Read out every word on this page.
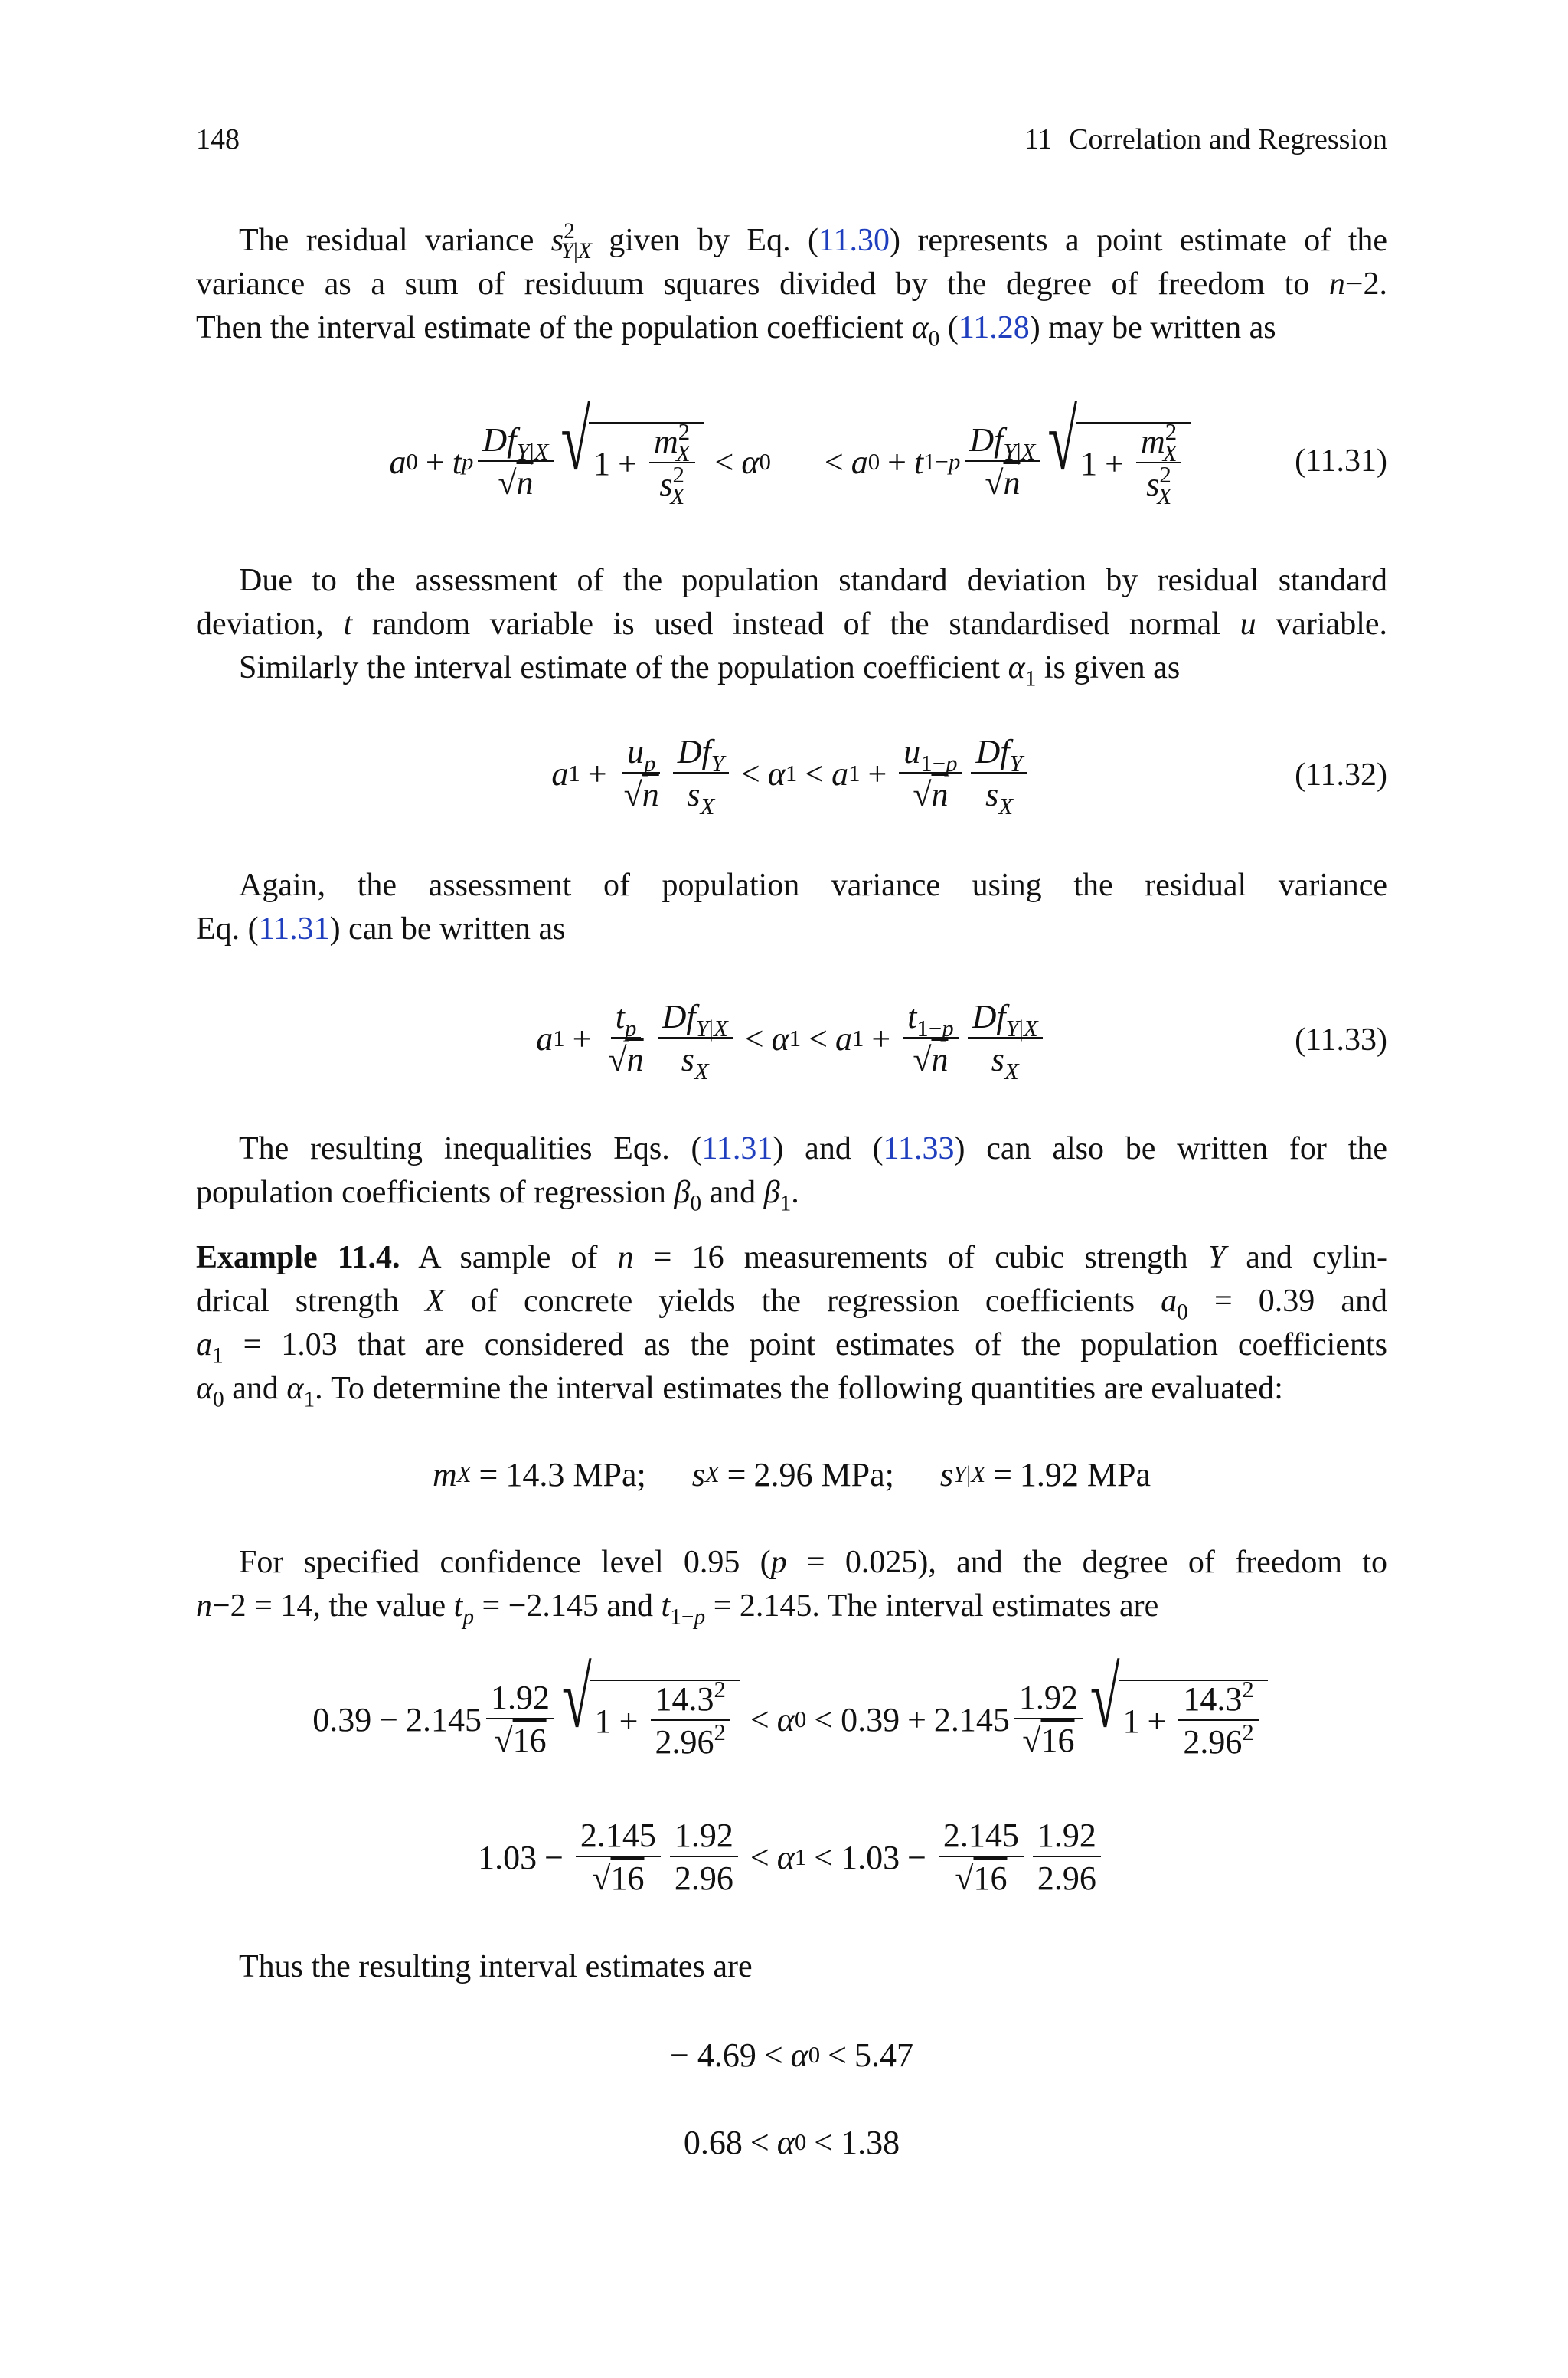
148	11 Correlation and Regression
The residual variance $s^2_{Y|X}$ given by Eq. (11.30) represents a point estimate of the
variance as a sum of residuum squares divided by the degree of freedom to n−2.
Then the interval estimate of the population coefficient $\alpha_0$ (11.28) may be written as
a 0 + t p $\frac{Df_{Y|X}}{√n}$ √ $1 + \frac{m^2_X}{s^2_X} < \alpha$ 0 < a 0 + t $1-p \frac{Df_{Y|X}}{√n}$ √ $1 + \frac{m^2_X}{s^2_X}$	(11.31)
Due to the assessment of the population standard deviation by residual standard
deviation, t random variable is used instead of the standardised normal u variable.
Similarly the interval estimate of the population coefficient $\alpha_1$ is given as
a $1 + \frac{u_p}{√n} \frac{Df_Y}{s_X} < \alpha$ 1 < a $1 + \frac{u_{1-p}}{√n} \frac{Df_Y}{s_X}$	(11.32)
Again, the assessment of population variance using the residual variance
Eq. (11.31) can be written as
a $1 + \frac{t_p}{√n} \frac{Df_{Y|X}}{s_X} < \alpha$ 1 < a $1 + \frac{t_{1-p}}{√n} \frac{Df_{Y|X}}{s_X}$	(11.33)
The resulting inequalities Eqs. (11.31) and (11.33) can also be written for the
population coefficients of regression $\beta_0$ and $\beta_1$.
Example 11.4. A sample of n = 16 measurements of cubic strength Y and cylin-
drical strength X of concrete yields the regression coefficients $a_0 = 0.39$ and
$a_1 = 1.03$ that are considered as the point estimates of the population coefficients
$\alpha_0$ and $\alpha_1$. To determine the interval estimates the following quantities are evaluated:
m X = 14.3 MPa; s X = 2.96 MPa; s Y|X = 1.92 MPa
For specified confidence level 0.95 (p = 0.025), and the degree of freedom to
n−2 = 14, the value $t_p = -2.145$ and $t_{1-p} = 2.145$. The interval estimates are
$0.39 - 2.145 \frac{1.92}{√16}$ √ $1 + \frac{14.3^2}{2.96^2} < \alpha$ $0 < 0.39 + 2.145 \frac{1.92}{√16}$ √ $1 + \frac{14.3^2}{2.96^2}$
$1.03 - \frac{2.145}{√16} \frac{1.92}{2.96} < \alpha$ $1 < 1.03 - \frac{2.145}{√16} \frac{1.92}{2.96}$
Thus the resulting interval estimates are
− 4.69 < α 0 < 5.47
0.68 < α 0 < 1.38
